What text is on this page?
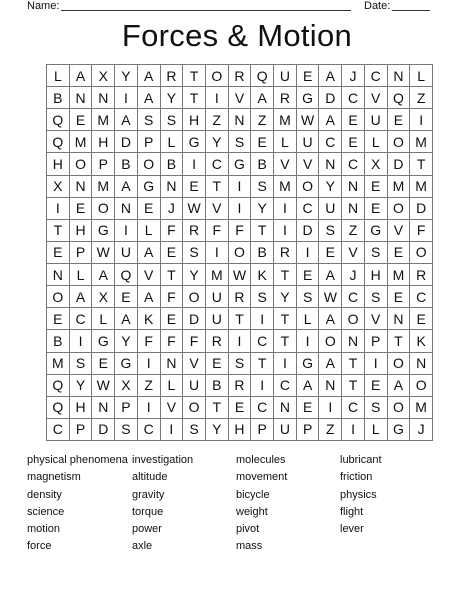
Name:	Date:
Forces & Motion
L	A X Y A R T O R Q U E A	J	C N L
B N N	I	A Y T	I	V A R G D C V Q Z
Q E M A S S H Z N Z M W A E U E	I
Q M H D P	L G Y S E	L U C E	L O M
H O P B O B	I	C G B V V N C X D T
X N M A G N E T	I	S M O Y N E M M
I	E O N E	J W V	I	Y	I	C U N E O D
T H G	I	L	F R F	F	T	I	D S Z G V F
E P W U A E S	I	O B R	I	E V S E O
N L	A Q V T Y M W K T E A	J	H M R
O A X E A F O U R S Y S W C S E C
E C L	A K E D U T	I	T	L	A O V N E
B	I	G Y F	F	F R	I	C T	I	O N P T K
M S E G	I	N V E S T	I	G A T	I	O N
Q Y W X Z	L U B R	I	C A N T E A O
Q H N P	I	V O T E C N E	I	C S O M
C P D S C	I	S Y H P U P Z	I	L G J
physical phenomena
magnetism
density
science
motion
force
investigation
altitude
gravity
torque
power
axle
molecules
movement
bicycle
weight
pivot
mass
lubricant
friction
physics
flight
lever
